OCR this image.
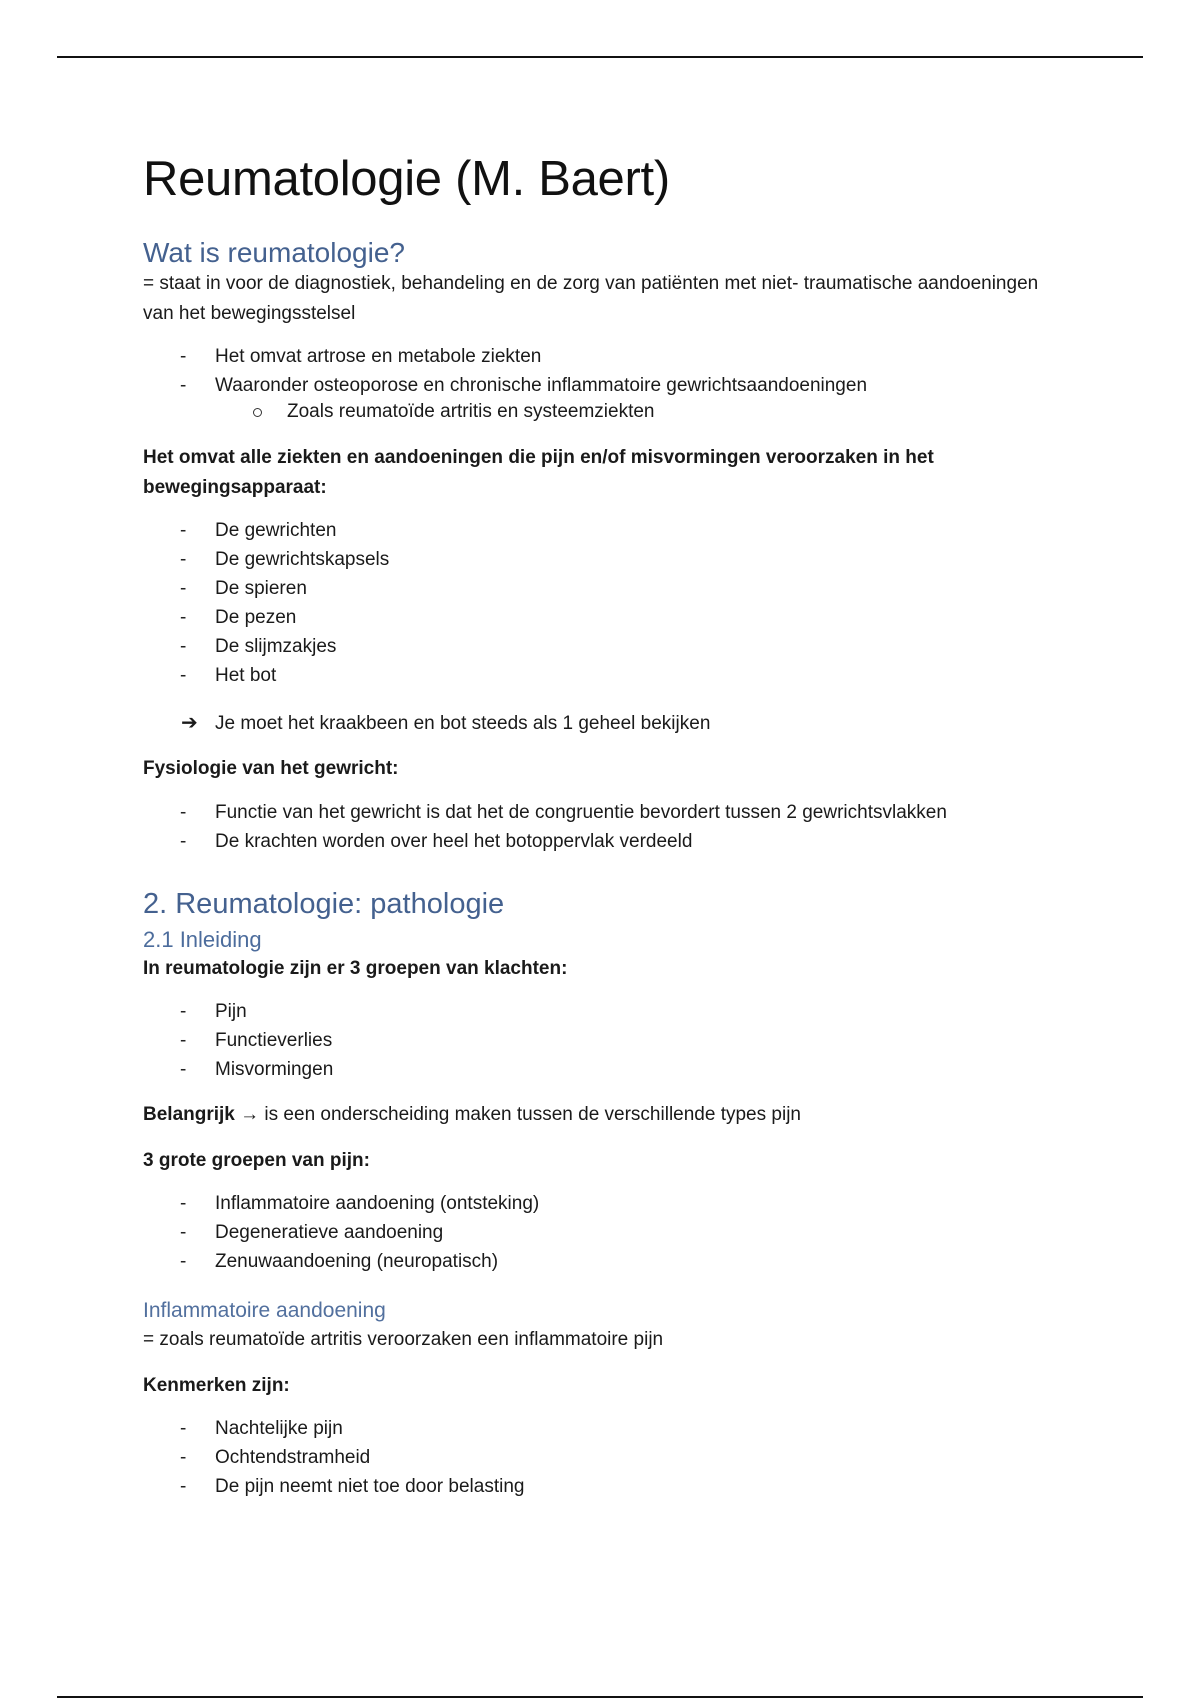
Reumatologie (M. Baert)
Wat is reumatologie?

= staat in voor de diagnostiek, behandeling en de zorg van patiënten met niet- traumatische aandoeningen van het bewegingsstelsel

- Het omvat artrose en metabole ziekten
- Waaronder osteoporose en chronische inflammatoire gewrichtsaandoeningen
Zoals reumatoïde artritis en systeemziekten

Het omvat alle ziekten en aandoeningen die pijn en/of misvormingen veroorzaken in het bewegingsapparaat:

- De gewrichten
- De gewrichtskapsels
- De spieren
- De pezen
- De slijmzakjes
- Het bot
➔ Je moet het kraakbeen en bot steeds als 1 geheel bekijken

Fysiologie van het gewricht:

- Functie van het gewricht is dat het de congruentie bevordert tussen 2 gewrichtsvlakken
- De krachten worden over heel het botoppervlak verdeeld
2. Reumatologie: pathologie
2.1 Inleiding

In reumatologie zijn er 3 groepen van klachten:

- Pijn
- Functieverlies
- Misvormingen

Belangrijk → is een onderscheiding maken tussen de verschillende types pijn

3 grote groepen van pijn:

- Inflammatoire aandoening (ontsteking)
- Degeneratieve aandoening
- Zenuwaandoening (neuropatisch)
Inflammatoire aandoening

= zoals reumatoïde artritis veroorzaken een inflammatoire pijn

Kenmerken zijn:

- Nachtelijke pijn
- Ochtendstramheid
- De pijn neemt niet toe door belasting
